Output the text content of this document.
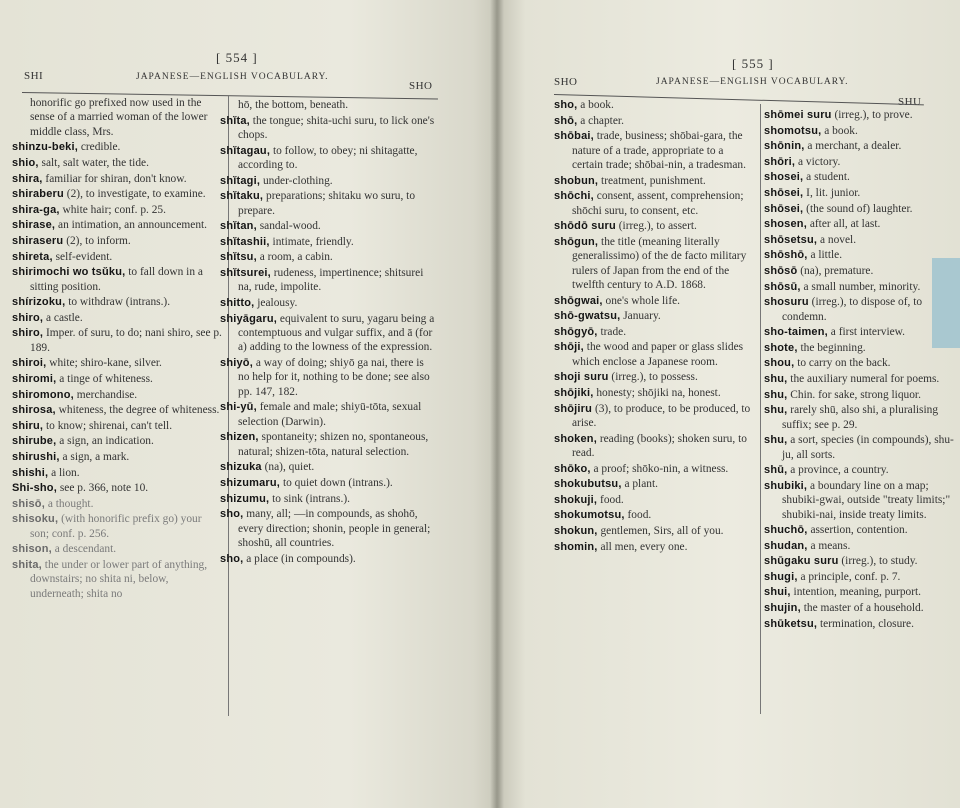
[ 554 ]
SHI	JAPANESE—ENGLISH VOCABULARY.
SHO

honorific go prefixed now used in the sense of a married woman of the lower middle class, Mrs.

shinzu-beki, credible.

shio, salt, salt water, the tide.

shira, familiar for shiran, don't know.

shiraberu (2), to investigate, to examine.

shira-ga, white hair; conf. p. 25.

shirase, an intimation, an announcement.

shiraseru (2), to inform.

shireta, self-evident.

shirimochi wo tsŭku, to fall down in a sitting position.

shírizoku, to withdraw (intrans.).

shiro, a castle.

shiro, Imper. of suru, to do; nani shiro, see p. 189.

shiroi, white; shiro-kane, silver.

shiromi, a tinge of whiteness.

shiromono, merchandise.

shirosa, whiteness, the degree of whiteness.

shiru, to know; shirenai, can't tell.

shirube, a sign, an indication.

shirushi, a sign, a mark.

shishi, a lion.

Shi-sho, see p. 366, note 10.

shisō, a thought.

shisoku, (with honorific prefix go) your son; conf. p. 256.

shison, a descendant.

shita, the under or lower part of anything, downstairs; no shita ni, below, underneath; shita no

hō, the bottom, beneath.

shĭta, the tongue; shita-uchi suru, to lick one's chops.

shĭtagau, to follow, to obey; ni shitagatte, according to.

shĭtagi, under-clothing.

shĭtaku, preparations; shitaku wo suru, to prepare.

shĭtan, sandal-wood.

shĭtashii, intimate, friendly.

shĭtsu, a room, a cabin.

shĭtsurei, rudeness, impertinence; shitsurei na, rude, impolite.

shitto, jealousy.

shiyāgaru, equivalent to suru, yagaru being a contemptuous and vulgar suffix, and ā (for a) adding to the lowness of the expression.

shiyō, a way of doing; shiyō ga nai, there is no help for it, nothing to be done; see also pp. 147, 182.

shi-yū, female and male; shiyū-tōta, sexual selection (Darwin).

shizen, spontaneity; shizen no, spontaneous, natural; shizen-tōta, natural selection.

shizuka (na), quiet.

shizumaru, to quiet down (intrans.).

shizumu, to sink (intrans.).

sho, many, all; —in compounds, as shohō, every direction; shonin, people in general; shoshū, all countries.

sho, a place (in compounds).

[ 555 ]
SHO	JAPANESE—ENGLISH VOCABULARY.
SHU

sho, a book.

shō, a chapter.

shōbai, trade, business; shōbai-gara, the nature of a trade, appropriate to a certain trade; shōbai-nin, a tradesman.

shobun, treatment, punishment.

shōchi, consent, assent, comprehension; shōchi suru, to consent, etc.

shōdō suru (irreg.), to assert.

shōgun, the title (meaning literally generalissimo) of the de facto military rulers of Japan from the end of the twelfth century to A.D. 1868.

shōgwai, one's whole life.

shō-gwatsu, January.

shōgyō, trade.

shōji, the wood and paper or glass slides which enclose a Japanese room.

shoji suru (irreg.), to possess.

shōjiki, honesty; shōjiki na, honest.

shōjiru (3), to produce, to be produced, to arise.

shoken, reading (books); shoken suru, to read.

shōko, a proof; shōko-nin, a witness.

shokubutsu, a plant.

shokuji, food.

shokumotsu, food.

shokun, gentlemen, Sirs, all of you.

shomin, all men, every one.

shōmei suru (irreg.), to prove.

shomotsu, a book.

shōnin, a merchant, a dealer.

shōri, a victory.

shosei, a student.

shōsei, I, lit. junior.

shōsei, (the sound of) laughter.

shosen, after all, at last.

shōsetsu, a novel.

shōshō, a little.

shōsō (na), premature.

shōsū, a small number, minority.

shosuru (irreg.), to dispose of, to condemn.

sho-taimen, a first interview.

shote, the beginning.

shou, to carry on the back.

shu, the auxiliary numeral for poems.

shu, Chin. for sake, strong liquor.

shu, rarely shū, also shi, a pluralising suffix; see p. 29.

shu, a sort, species (in compounds), shu-ju, all sorts.

shū, a province, a country.

shubiki, a boundary line on a map; shubiki-gwai, outside "treaty limits;" shubiki-nai, inside treaty limits.

shuchō, assertion, contention.

shudan, a means.

shūgaku suru (irreg.), to study.

shugi, a principle, conf. p. 7.

shui, intention, meaning, purport.

shujin, the master of a household.

shūketsu, termination, closure.
